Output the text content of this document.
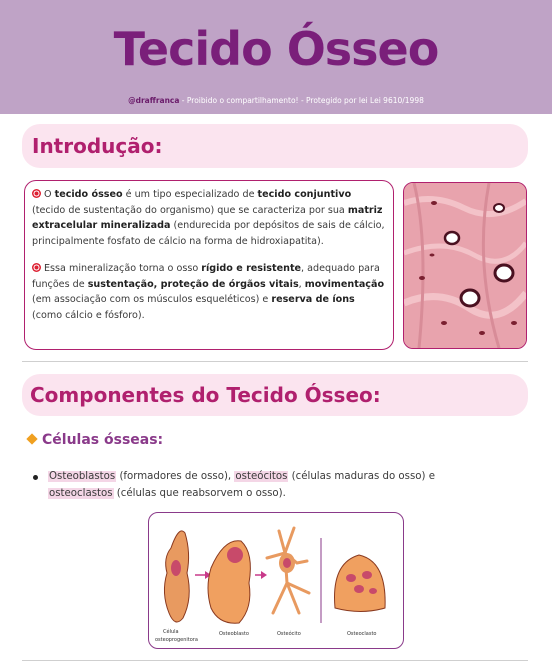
Tecido Ósseo
@draffranca - Proibido o compartilhamento! - Protegido por lei Lei 9610/1998
Introdução:

O tecido ósseo é um tipo especializado de tecido conjuntivo (tecido de sustentação do organismo) que se caracteriza por sua matriz extracelular mineralizada (endurecida por depósitos de sais de cálcio, principalmente fosfato de cálcio na forma de hidroxiapatita).

Essa mineralização torna o osso rígido e resistente, adequado para funções de sustentação, proteção de órgãos vitais, movimentação (em associação com os músculos esqueléticos) e reserva de íons (como cálcio e fósforo).

Componentes do Tecido Ósseo:
Células ósseas:
Osteoblastos (formadores de osso), osteócitos (células maduras do osso) e osteoclastos (células que reabsorvem o osso).
Célula
osteoprogenitora
Osteoblasto	Osteócito	Osteoclasto
